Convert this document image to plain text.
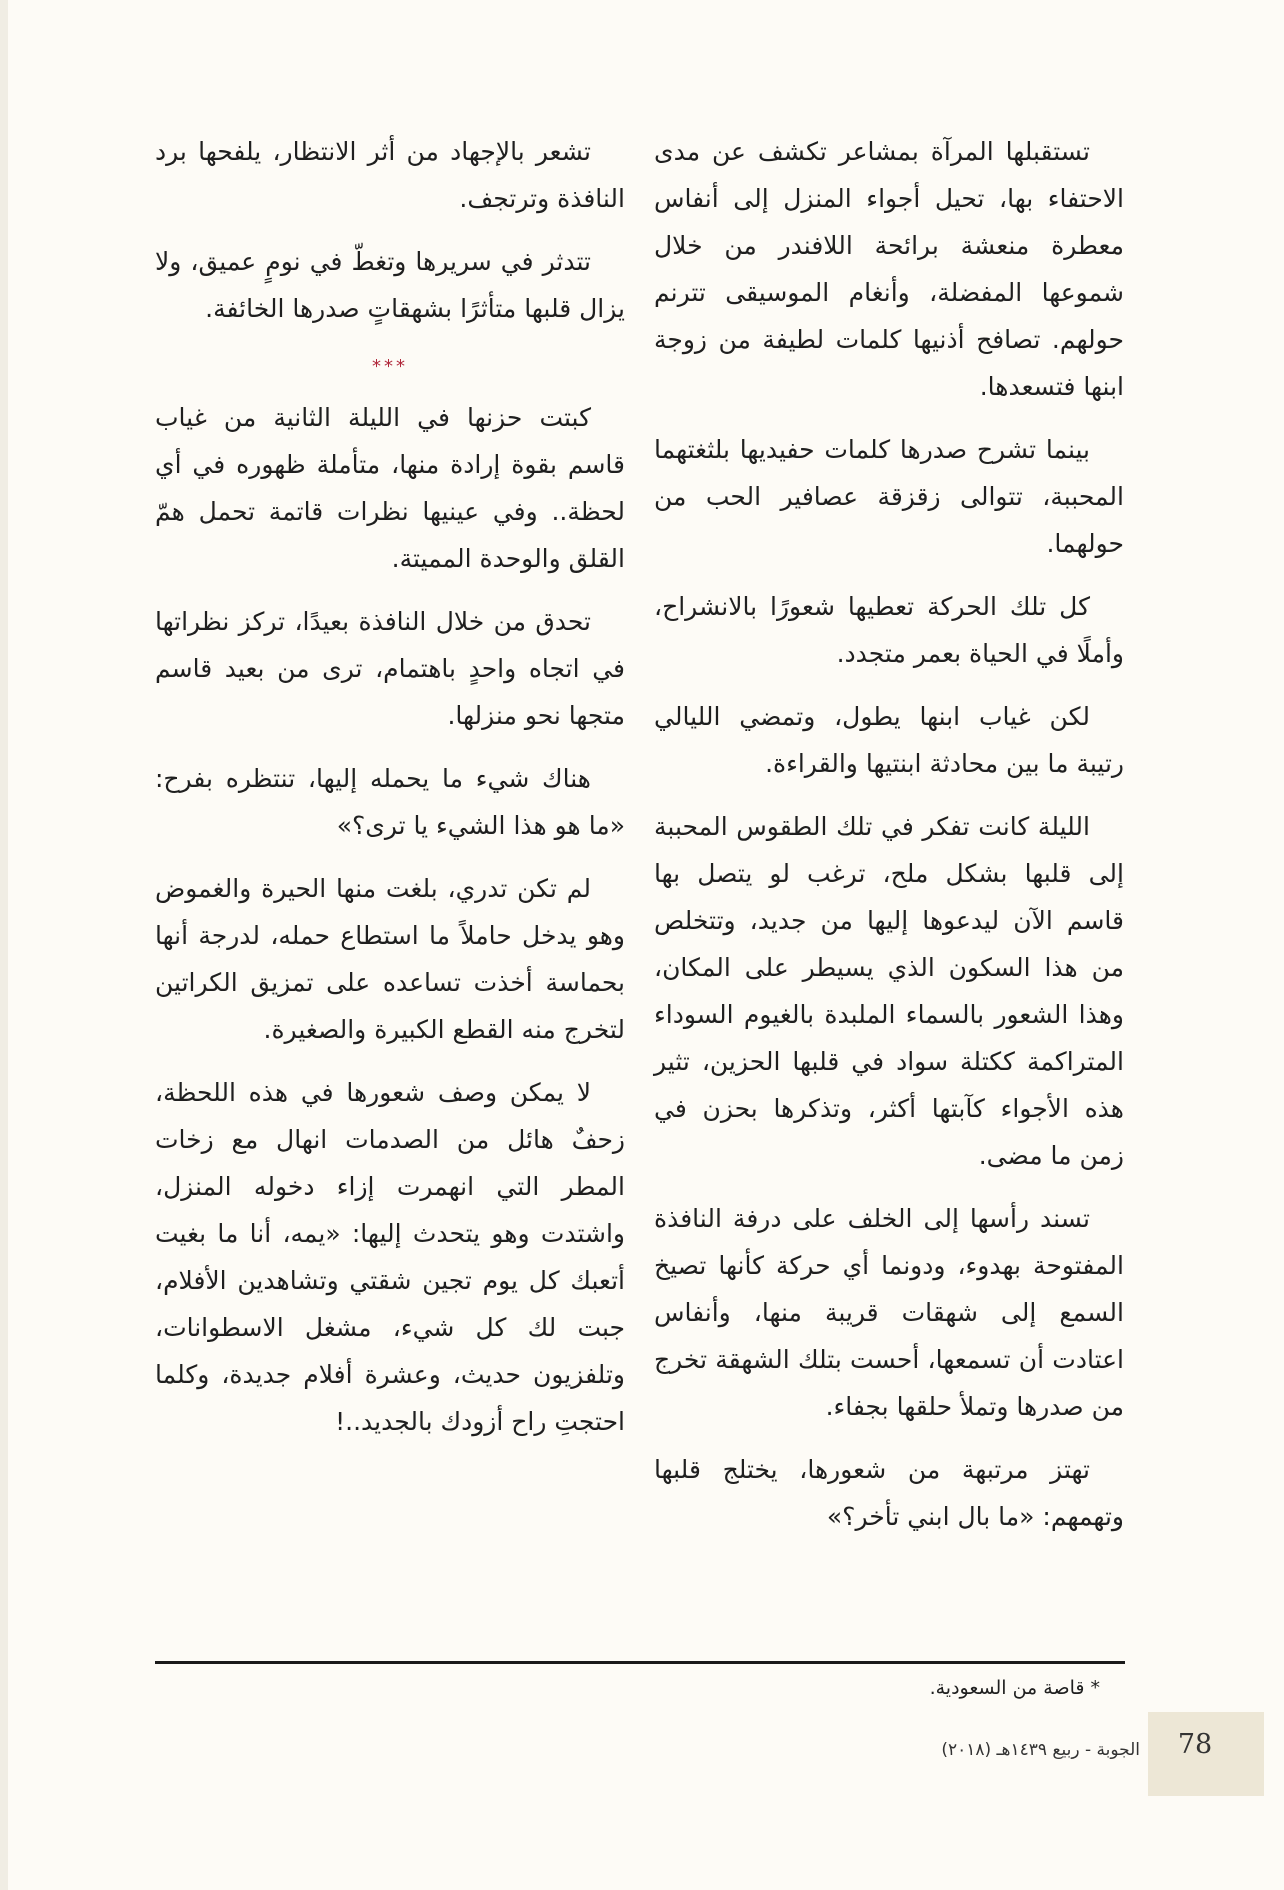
تستقبلها المرآة بمشاعر تكشف عن مدى الاحتفاء بها، تحيل أجواء المنزل إلى أنفاس معطرة منعشة برائحة اللافندر من خلال شموعها المفضلة، وأنغام الموسيقى تترنم حولهم. تصافح أذنيها كلمات لطيفة من زوجة ابنها فتسعدها.

بينما تشرح صدرها كلمات حفيديها بلثغتهما المحببة، تتوالى زقزقة عصافير الحب من حولهما.

كل تلك الحركة تعطيها شعورًا بالانشراح، وأملًا في الحياة بعمر متجدد.

لكن غياب ابنها يطول، وتمضي الليالي رتيبة ما بين محادثة ابنتيها والقراءة.

الليلة كانت تفكر في تلك الطقوس المحببة إلى قلبها بشكل ملح، ترغب لو يتصل بها قاسم الآن ليدعوها إليها من جديد، وتتخلص من هذا السكون الذي يسيطر على المكان، وهذا الشعور بالسماء الملبدة بالغيوم السوداء المتراكمة ككتلة سواد في قلبها الحزين، تثير هذه الأجواء كآبتها أكثر، وتذكرها بحزن في زمن ما مضى.

تسند رأسها إلى الخلف على درفة النافذة المفتوحة بهدوء، ودونما أي حركة كأنها تصيخ السمع إلى شهقات قريبة منها، وأنفاس اعتادت أن تسمعها، أحست بتلك الشهقة تخرج من صدرها وتملأ حلقها بجفاء.

تهتز مرتبهة من شعورها، يختلج قلبها وتهمهم: «ما بال ابني تأخر؟»

تشعر بالإجهاد من أثر الانتظار، يلفحها برد النافذة وترتجف.

تتدثر في سريرها وتغطّ في نومٍ عميق، ولا يزال قلبها متأثرًا بشهقاتٍ صدرها الخائفة.

***

كبتت حزنها في الليلة الثانية من غياب قاسم بقوة إرادة منها، متأملة ظهوره في أي لحظة.. وفي عينيها نظرات قاتمة تحمل همّ القلق والوحدة المميتة.

تحدق من خلال النافذة بعيدًا، تركز نظراتها في اتجاه واحدٍ باهتمام، ترى من بعيد قاسم متجها نحو منزلها.

هناك شيء ما يحمله إليها، تنتظره بفرح: «ما هو هذا الشيء يا ترى؟»

لم تكن تدري، بلغت منها الحيرة والغموض وهو يدخل حاملاً ما استطاع حمله، لدرجة أنها بحماسة أخذت تساعده على تمزيق الكراتين لتخرج منه القطع الكبيرة والصغيرة.

لا يمكن وصف شعورها في هذه اللحظة، زحفٌ هائل من الصدمات انهال مع زخات المطر التي انهمرت إزاء دخوله المنزل، واشتدت وهو يتحدث إليها: «يمه، أنا ما بغيت أتعبك كل يوم تجين شقتي وتشاهدين الأفلام، جبت لك كل شيء، مشغل الاسطوانات، وتلفزيون حديث، وعشرة أفلام جديدة، وكلما احتجتِ راح أزودك بالجديد..!

* قاصة من السعودية.
الجوبة - ربيع ١٤٣٩هـ (٢٠١٨)	78
